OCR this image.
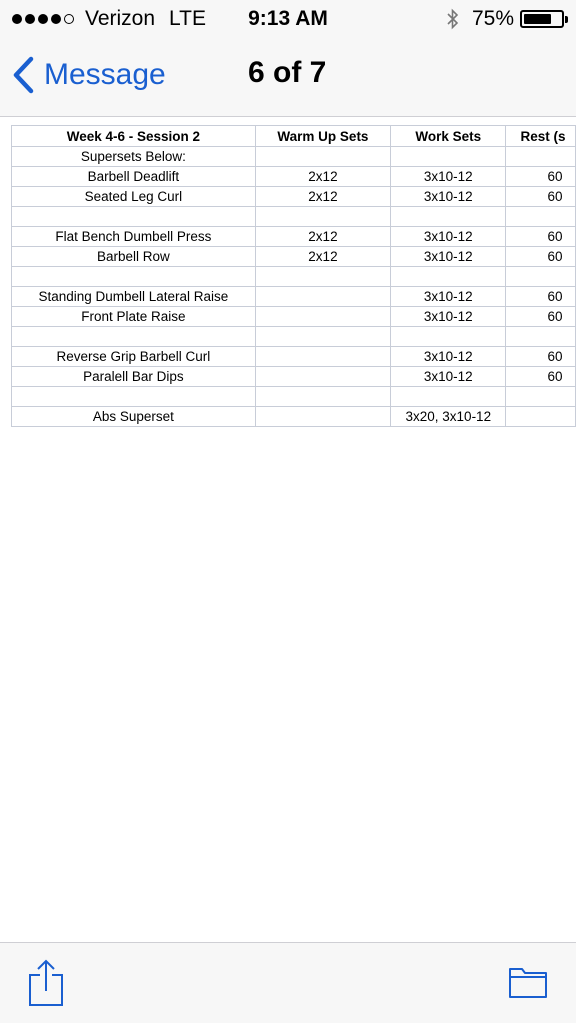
Verizon LTE	9:13 AM	75%
Message	6 of 7
Week 4-6 - Session 2	Warm Up Sets	Work Sets	Rest (s
Supersets Below:			
Barbell Deadlift	2x12	3x10-12	60
Seated Leg Curl	2x12	3x10-12	60

Flat Bench Dumbell Press	2x12	3x10-12	60
Barbell Row	2x12	3x10-12	60

Standing Dumbell Lateral Raise		3x10-12	60
Front Plate Raise		3x10-12	60

Reverse Grip Barbell Curl		3x10-12	60
Paralell Bar Dips		3x10-12	60

Abs Superset		3x20, 3x10-12	
